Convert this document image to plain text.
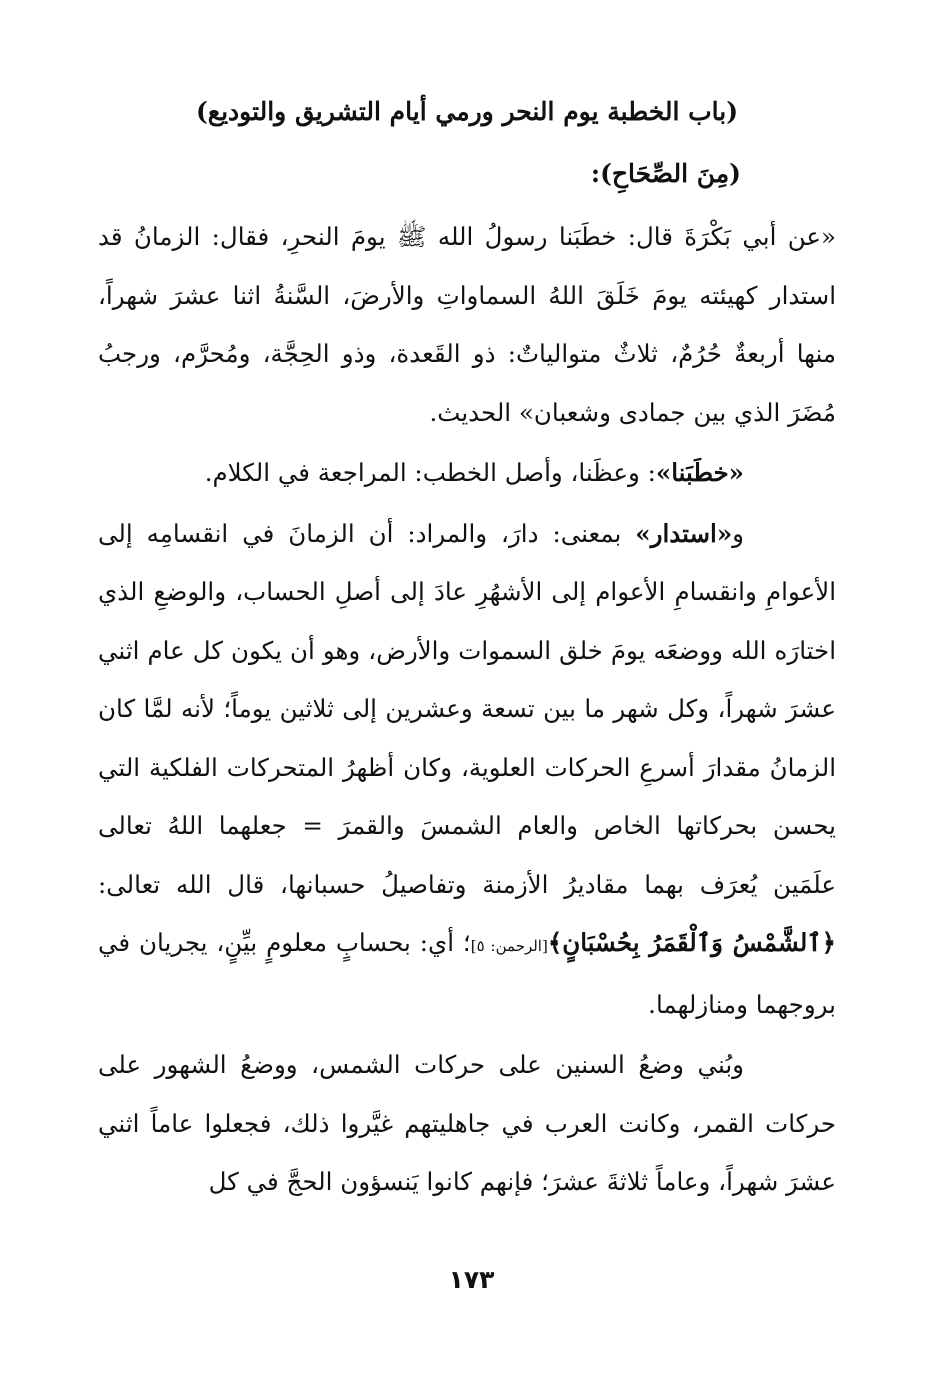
(باب الخطبة يوم النحر ورمي أيام التشريق والتوديع)
(مِنَ الصِّحَاحِ):

«عن أبي بَكْرَةَ قال: خطَبَنا رسولُ الله ﷺ يومَ النحرِ، فقال: الزمانُ قد استدار كهيئته يومَ خَلَقَ اللهُ السماواتِ والأرضَ، السَّنةُ اثنا عشرَ شهراً، منها أربعةٌ حُرُمٌ، ثلاثٌ متوالياتٌ: ذو القَعدة، وذو الحِجَّة، ومُحرَّم، ورجبُ مُضَرَ الذي بين جمادى وشعبان» الحديث.

«خطَبَنا»: وعظَنا، وأصل الخطب: المراجعة في الكلام.

و«استدار» بمعنى: دارَ، والمراد: أن الزمانَ في انقسامِه إلى الأعوامِ وانقسامِ الأعوام إلى الأشهُرِ عادَ إلى أصلِ الحساب، والوضعِ الذي اختارَه الله ووضعَه يومَ خلق السموات والأرض، وهو أن يكون كل عام اثني عشرَ شهراً، وكل شهر ما بين تسعة وعشرين إلى ثلاثين يوماً؛ لأنه لمَّا كان الزمانُ مقدارَ أسرعِ الحركات العلوية، وكان أظهرُ المتحركات الفلكية التي يحسن بحركاتها الخاص والعام الشمسَ والقمرَ = جعلهما اللهُ تعالى علَمَين يُعرَف بهما مقاديرُ الأزمنة وتفاصيلُ حسبانها، قال الله تعالى: ﴿ٱلشَّمْسُ وَٱلْقَمَرُ بِحُسْبَانٍ﴾[الرحمن: ٥]؛ أي: بحسابٍ معلومٍ بيِّنٍ، يجريان في بروجهما ومنازلهما.

وبُني وضعُ السنين على حركات الشمس، ووضعُ الشهور على حركات القمر، وكانت العرب في جاهليتهم غيَّروا ذلك، فجعلوا عاماً اثني عشرَ شهراً، وعاماً ثلاثةَ عشرَ؛ فإنهم كانوا يَنسؤون الحجَّ في كل

١٧٣
